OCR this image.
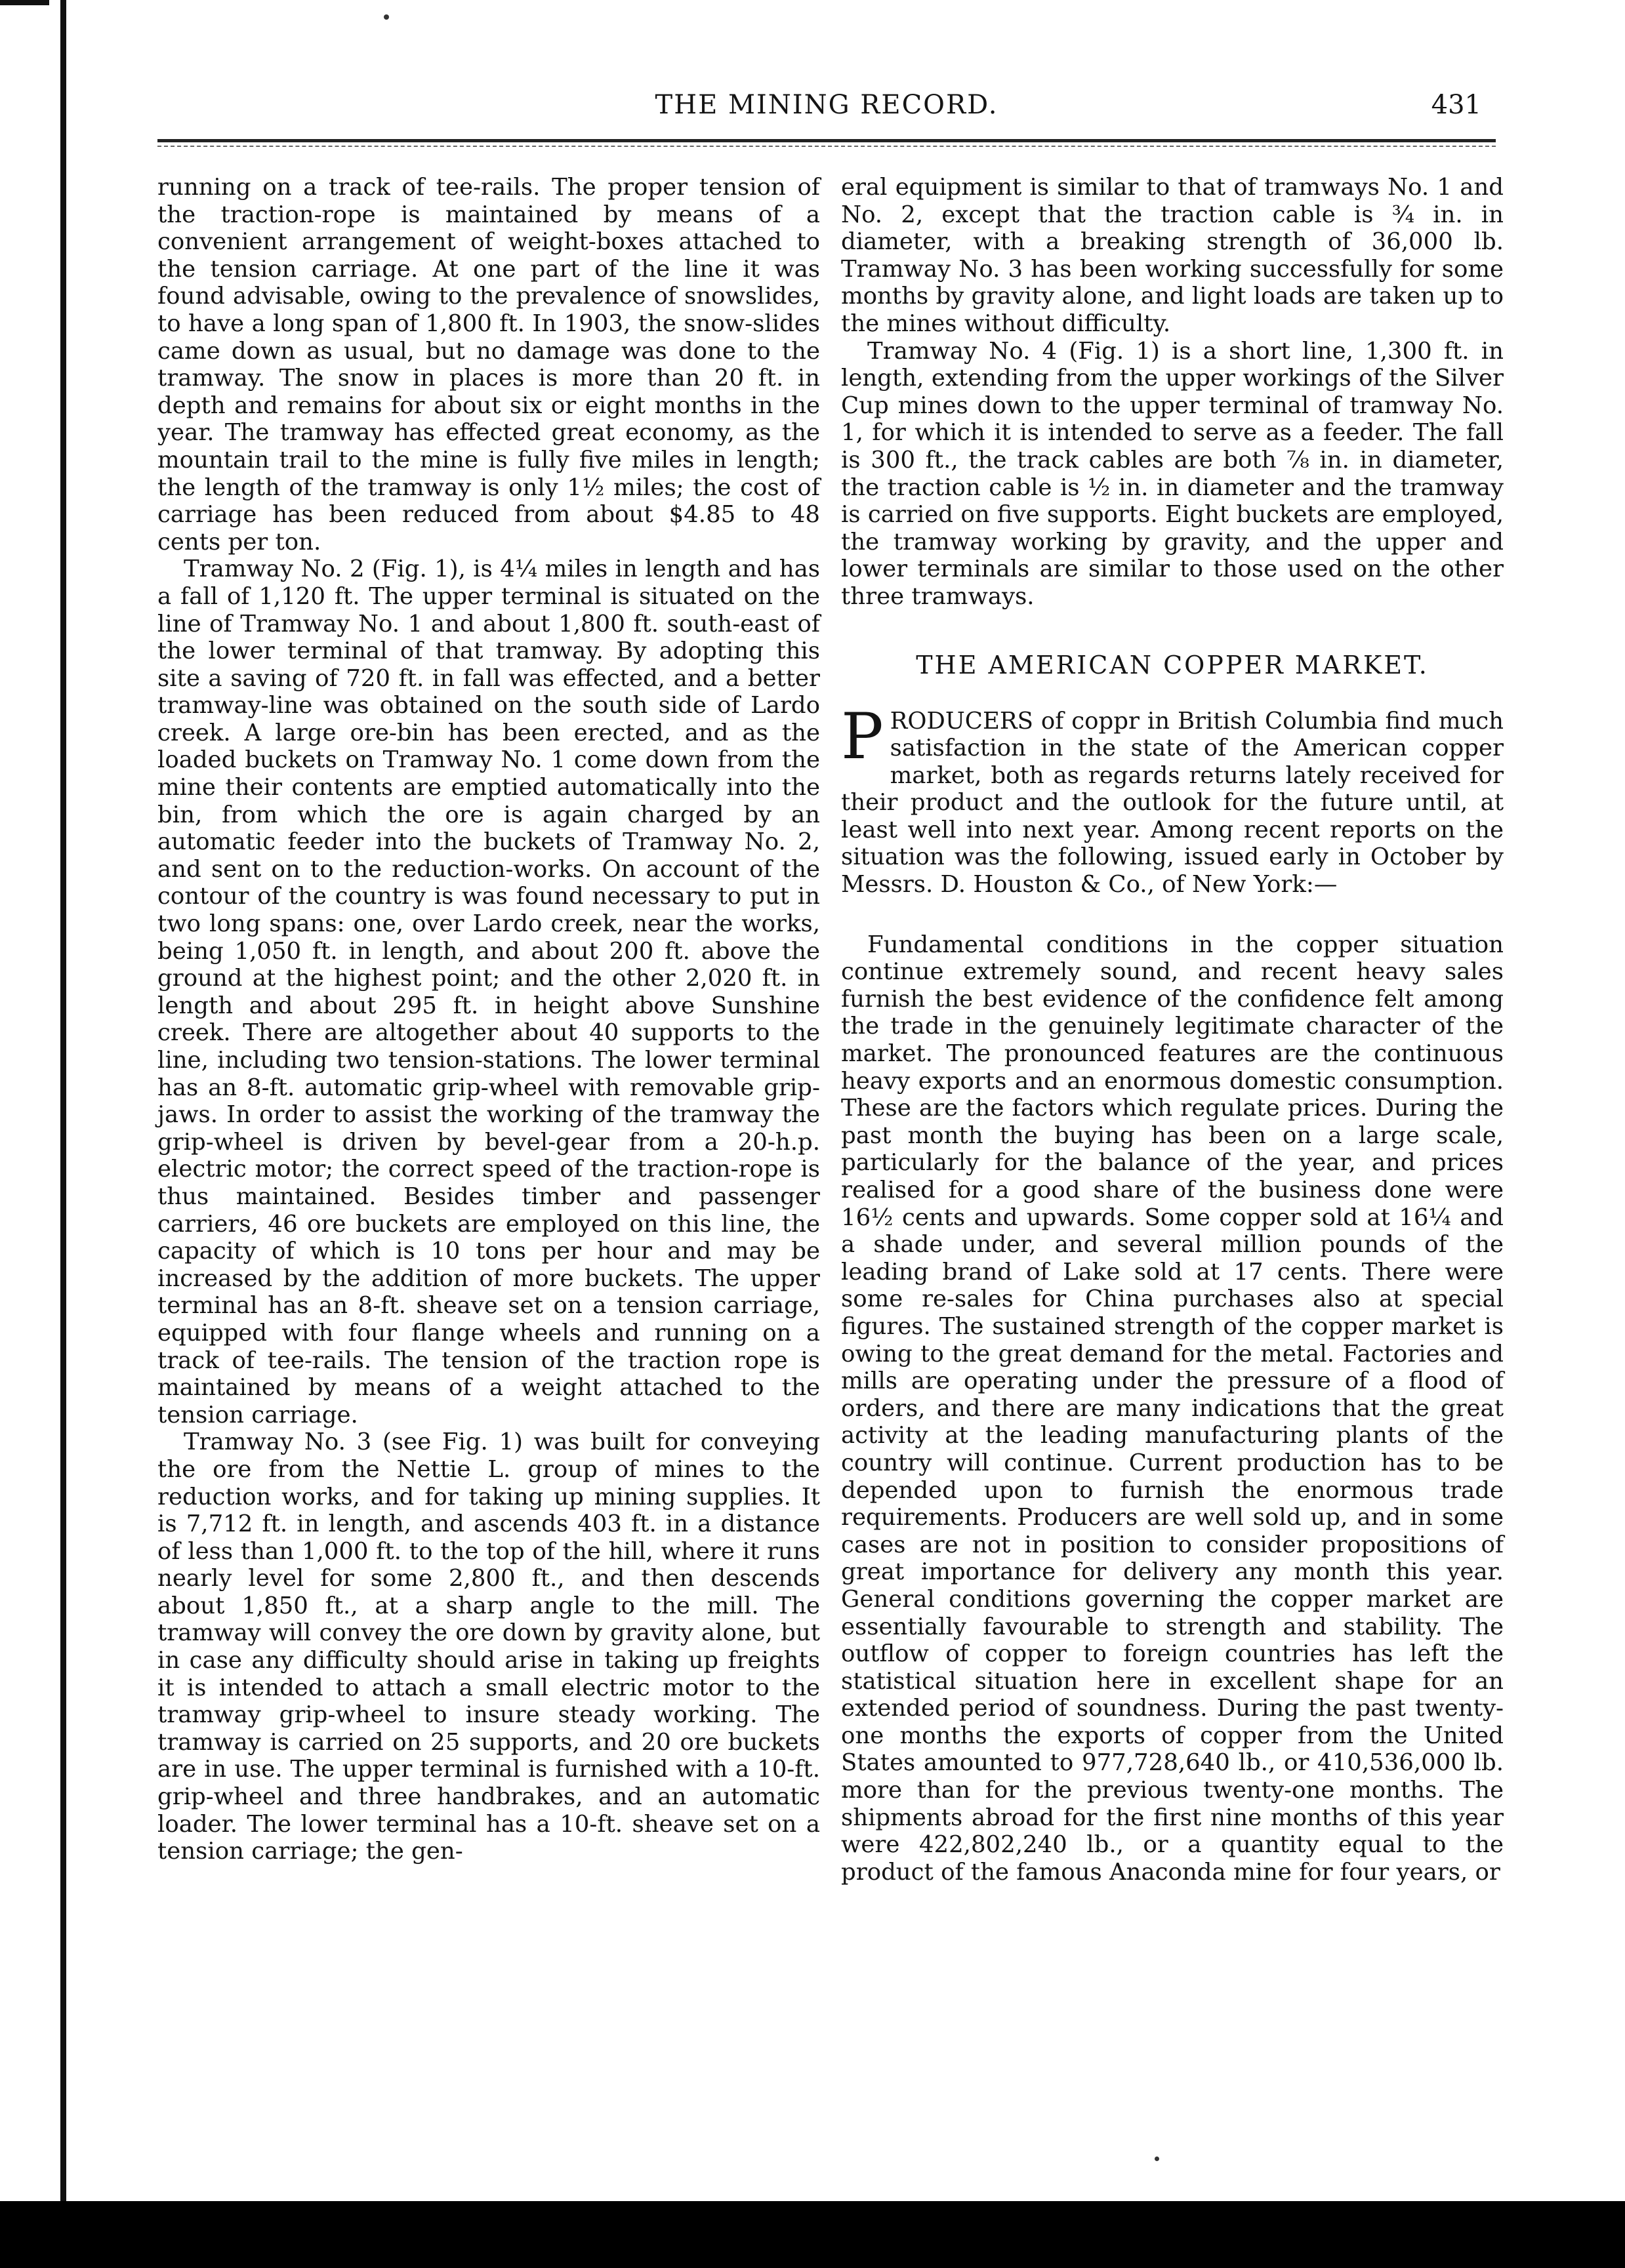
THE MINING RECORD.	431

running on a track of tee-rails. The proper tension of the traction-rope is maintained by means of a convenient arrangement of weight-boxes attached to the tension carriage. At one part of the line it was found advisable, owing to the prevalence of snowslides, to have a long span of 1,800 ft. In 1903, the snow-slides came down as usual, but no damage was done to the tramway. The snow in places is more than 20 ft. in depth and remains for about six or eight months in the year. The tramway has effected great economy, as the mountain trail to the mine is fully five miles in length; the length of the tramway is only 1½ miles; the cost of carriage has been reduced from about $4.85 to 48 cents per ton.

Tramway No. 2 (Fig. 1), is 4¼ miles in length and has a fall of 1,120 ft. The upper terminal is situated on the line of Tramway No. 1 and about 1,800 ft. south-east of the lower terminal of that tramway. By adopting this site a saving of 720 ft. in fall was effected, and a better tramway-line was obtained on the south side of Lardo creek. A large ore-bin has been erected, and as the loaded buckets on Tramway No. 1 come down from the mine their contents are emptied automatically into the bin, from which the ore is again charged by an automatic feeder into the buckets of Tramway No. 2, and sent on to the reduction-works. On account of the contour of the country is was found necessary to put in two long spans: one, over Lardo creek, near the works, being 1,050 ft. in length, and about 200 ft. above the ground at the highest point; and the other 2,020 ft. in length and about 295 ft. in height above Sunshine creek. There are altogether about 40 supports to the line, including two tension-stations. The lower terminal has an 8-ft. automatic grip-wheel with removable grip-jaws. In order to assist the working of the tramway the grip-wheel is driven by bevel-gear from a 20-h.p. electric motor; the correct speed of the traction-rope is thus maintained. Besides timber and passenger carriers, 46 ore buckets are employed on this line, the capacity of which is 10 tons per hour and may be increased by the addition of more buckets. The upper terminal has an 8-ft. sheave set on a tension carriage, equipped with four flange wheels and running on a track of tee-rails. The tension of the traction rope is maintained by means of a weight attached to the tension carriage.

Tramway No. 3 (see Fig. 1) was built for conveying the ore from the Nettie L. group of mines to the reduction works, and for taking up mining supplies. It is 7,712 ft. in length, and ascends 403 ft. in a distance of less than 1,000 ft. to the top of the hill, where it runs nearly level for some 2,800 ft., and then descends about 1,850 ft., at a sharp angle to the mill. The tramway will convey the ore down by gravity alone, but in case any difficulty should arise in taking up freights it is intended to attach a small electric motor to the tramway grip-wheel to insure steady working. The tramway is carried on 25 supports, and 20 ore buckets are in use. The upper terminal is furnished with a 10-ft. grip-wheel and three handbrakes, and an automatic loader. The lower terminal has a 10-ft. sheave set on a tension carriage; the gen-

eral equipment is similar to that of tramways No. 1 and No. 2, except that the traction cable is ¾ in. in diameter, with a breaking strength of 36,000 lb. Tramway No. 3 has been working successfully for some months by gravity alone, and light loads are taken up to the mines without difficulty.

Tramway No. 4 (Fig. 1) is a short line, 1,300 ft. in length, extending from the upper workings of the Silver Cup mines down to the upper terminal of tramway No. 1, for which it is intended to serve as a feeder. The fall is 300 ft., the track cables are both ⅞ in. in diameter, the traction cable is ½ in. in diameter and the tramway is carried on five supports. Eight buckets are employed, the tramway working by gravity, and the upper and lower terminals are similar to those used on the other three tramways.

THE AMERICAN COPPER MARKET.

PRODUCERS of coppr in British Columbia find much satisfaction in the state of the American copper market, both as regards returns lately received for their product and the outlook for the future until, at least well into next year. Among recent reports on the situation was the following, issued early in October by Messrs. D. Houston & Co., of New York:—

Fundamental conditions in the copper situation continue extremely sound, and recent heavy sales furnish the best evidence of the confidence felt among the trade in the genuinely legitimate character of the market. The pronounced features are the continuous heavy exports and an enormous domestic consumption. These are the factors which regulate prices. During the past month the buying has been on a large scale, particularly for the balance of the year, and prices realised for a good share of the business done were 16½ cents and upwards. Some copper sold at 16¼ and a shade under, and several million pounds of the leading brand of Lake sold at 17 cents. There were some re-sales for China purchases also at special figures. The sustained strength of the copper market is owing to the great demand for the metal. Factories and mills are operating under the pressure of a flood of orders, and there are many indications that the great activity at the leading manufacturing plants of the country will continue. Current production has to be depended upon to furnish the enormous trade requirements. Producers are well sold up, and in some cases are not in position to consider propositions of great importance for delivery any month this year. General conditions governing the copper market are essentially favourable to strength and stability. The outflow of copper to foreign countries has left the statistical situation here in excellent shape for an extended period of soundness. During the past twenty-one months the exports of copper from the United States amounted to 977,728,640 lb., or 410,536,000 lb. more than for the previous twenty-one months. The shipments abroad for the first nine months of this year were 422,802,240 lb., or a quantity equal to the product of the famous Anaconda mine for four years, or
